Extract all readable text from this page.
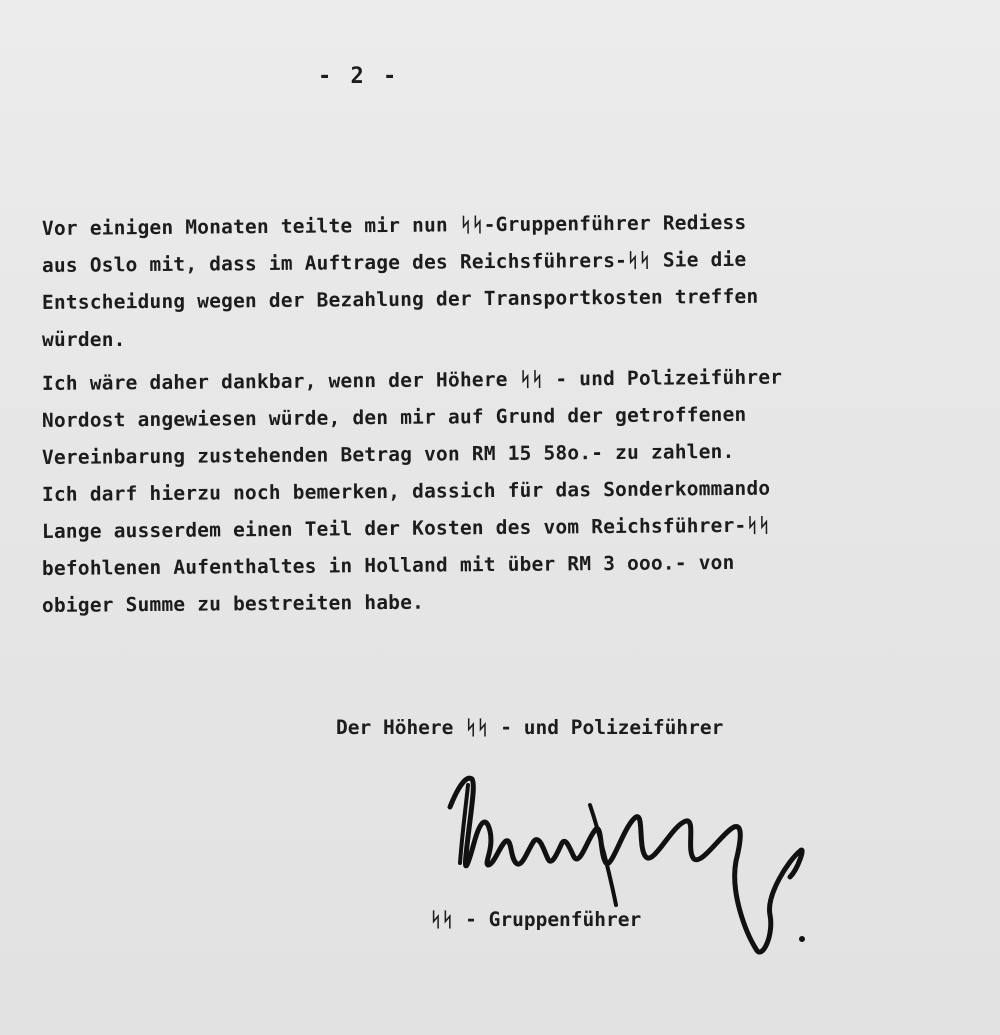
- 2 -
Vor einigen Monaten teilte mir nun ᛋᛋ-Gruppenführer Rediess
aus Oslo mit, dass im Auftrage des Reichsführers-ᛋᛋ Sie die
Entscheidung wegen der Bezahlung der Transportkosten treffen
würden.
Ich wäre daher dankbar, wenn der Höhere ᛋᛋ - und Polizeiführer
Nordost angewiesen würde, den mir auf Grund der getroffenen
Vereinbarung zustehenden Betrag von RM 15 58o.- zu zahlen.
Ich darf hierzu noch bemerken, dassich für das Sonderkommando
Lange ausserdem einen Teil der Kosten des vom Reichsführer-ᛋᛋ
befohlenen Aufenthaltes in Holland mit über RM 3 ooo.- von
obiger Summe zu bestreiten habe.
Der Höhere ᛋᛋ - und Polizeiführer
ᛋᛋ - Gruppenführer
